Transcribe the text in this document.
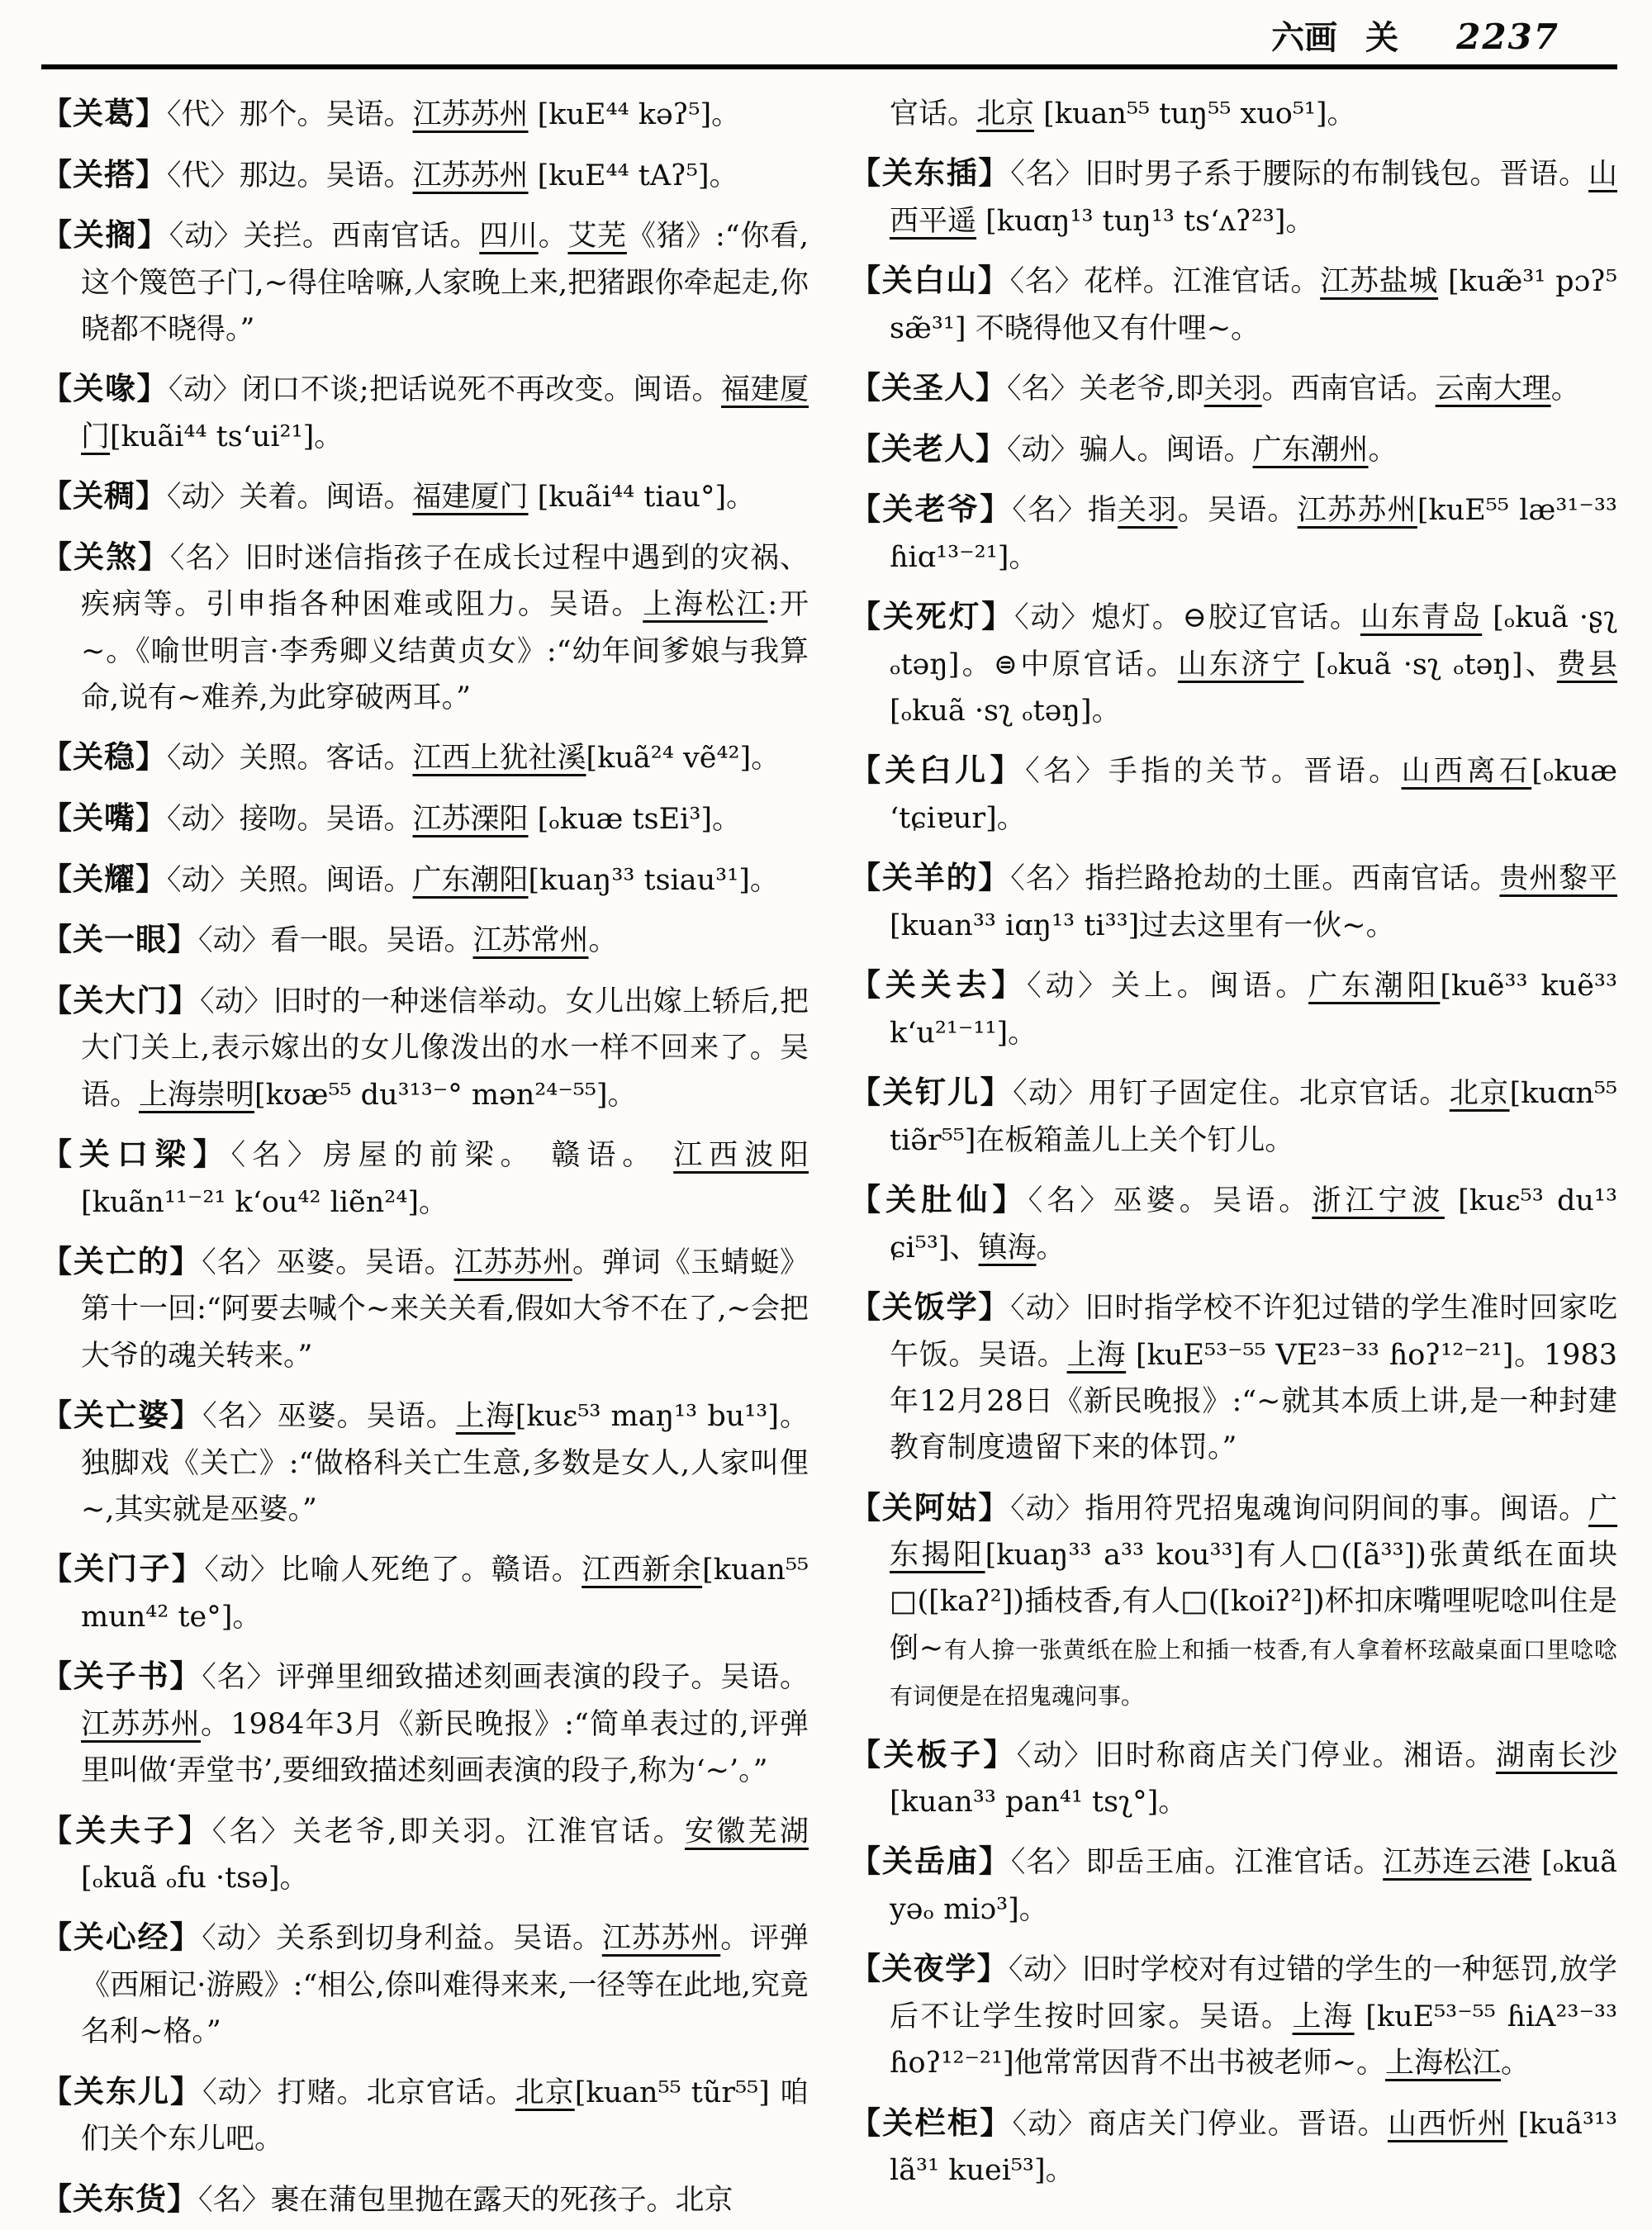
六画 关 2237

【关葛】〈代〉那个。吴语。江苏苏州 [kuE⁴⁴ kəʔ⁵]。

【关搭】〈代〉那边。吴语。江苏苏州 [kuE⁴⁴ tAʔ⁵]。

【关搁】〈动〉关拦。西南官话。四川。艾芜《猪》:“你看,这个篾笆子门,~得住啥嘛,人家晚上来,把猪跟你牵起走,你晓都不晓得。”

【关喙】〈动〉闭口不谈;把话说死不再改变。闽语。福建厦门[kuãi⁴⁴ ts‘ui²¹]。

【关稠】〈动〉关着。闽语。福建厦门 [kuãi⁴⁴ tiau°]。

【关煞】〈名〉旧时迷信指孩子在成长过程中遇到的灾祸、疾病等。引申指各种困难或阻力。吴语。上海松江:开~。《喻世明言·李秀卿义结黄贞女》:“幼年间爹娘与我算命,说有~难养,为此穿破两耳。”

【关稳】〈动〉关照。客话。江西上犹社溪[kuã²⁴ vẽ⁴²]。

【关嘴】〈动〉接吻。吴语。江苏溧阳 [ₒkuæ tsEi³]。

【关耀】〈动〉关照。闽语。广东潮阳[kuaŋ³³ tsiau³¹]。

【关一眼】〈动〉看一眼。吴语。江苏常州。

【关大门】〈动〉旧时的一种迷信举动。女儿出嫁上轿后,把大门关上,表示嫁出的女儿像泼出的水一样不回来了。吴语。上海崇明[kʊæ⁵⁵ du³¹³⁻° mən²⁴⁻⁵⁵]。

【关口梁】〈名〉房屋的前梁。 赣语。 江西波阳 [kuãn¹¹⁻²¹ k‘ou⁴² liẽn²⁴]。

【关亡的】〈名〉巫婆。吴语。江苏苏州。弹词《玉蜻蜓》第十一回:“阿要去喊个~来关关看,假如大爷不在了,~会把大爷的魂关转来。”

【关亡婆】〈名〉巫婆。吴语。上海[kuɛ⁵³ maŋ¹³ bu¹³]。独脚戏《关亡》:“做格科关亡生意,多数是女人,人家叫俚~,其实就是巫婆。”

【关门子】〈动〉比喻人死绝了。赣语。江西新余[kuan⁵⁵ mun⁴² te°]。

【关子书】〈名〉评弹里细致描述刻画表演的段子。吴语。江苏苏州。1984年3月《新民晚报》:“简单表过的,评弹里叫做‘弄堂书’,要细致描述刻画表演的段子,称为‘~’。”

【关夫子】〈名〉关老爷,即关羽。江淮官话。安徽芜湖[ₒkuã ₒfu ·tsə]。

【关心经】〈动〉关系到切身利益。吴语。江苏苏州。评弹《西厢记·游殿》:“相公,倷叫难得来来,一径等在此地,究竟名利~格。”

【关东儿】〈动〉打赌。北京官话。北京[kuan⁵⁵ tũr⁵⁵] 咱们关个东儿吧。

【关东货】〈名〉裹在蒲包里抛在露天的死孩子。北京

官话。北京 [kuan⁵⁵ tuŋ⁵⁵ xuo⁵¹]。

【关东插】〈名〉旧时男子系于腰际的布制钱包。晋语。山西平遥 [kuɑŋ¹³ tuŋ¹³ ts‘ʌʔ²³]。

【关白山】〈名〉花样。江淮官话。江苏盐城 [kuæ̃³¹ pɔʔ⁵ sæ̃³¹] 不晓得他又有什哩~。

【关圣人】〈名〉关老爷,即关羽。西南官话。云南大理。

【关老人】〈动〉骗人。闽语。广东潮州。

【关老爷】〈名〉指关羽。吴语。江苏苏州[kuE⁵⁵ læ³¹⁻³³ ɦiɑ¹³⁻²¹]。

【关死灯】〈动〉熄灯。⊖胶辽官话。山东青岛 [ₒkuã ·ʂʅ ₒtəŋ]。⊜中原官话。山东济宁 [ₒkuã ·sʅ ₒtəŋ]、费县[ₒkuã ·sʅ ₒtəŋ]。

【关臼儿】〈名〉手指的关节。晋语。山西离石[ₒkuæ ʻtɕiɐur]。

【关羊的】〈名〉指拦路抢劫的土匪。西南官话。贵州黎平[kuan³³ iɑŋ¹³ ti³³]过去这里有一伙~。

【关关去】〈动〉关上。闽语。广东潮阳[kuẽ³³ kuẽ³³ k‘u²¹⁻¹¹]。

【关钉儿】〈动〉用钉子固定住。北京官话。北京[kuɑn⁵⁵ tiə̃r⁵⁵]在板箱盖儿上关个钉儿。

【关肚仙】〈名〉巫婆。吴语。浙江宁波 [kuɛ⁵³ du¹³ ɕi⁵³]、镇海。

【关饭学】〈动〉旧时指学校不许犯过错的学生准时回家吃午饭。吴语。上海 [kuE⁵³⁻⁵⁵ VE²³⁻³³ ɦoʔ¹²⁻²¹]。1983年12月28日《新民晚报》:“~就其本质上讲,是一种封建教育制度遗留下来的体罚。”

【关阿姑】〈动〉指用符咒招鬼魂询问阴间的事。闽语。广东揭阳[kuaŋ³³ a³³ kou³³]有人□([ã³³])张黄纸在面块□([kaʔ²])插枝香,有人□([koiʔ²])杯扣床嘴哩呢唸叫住是倒~有人揜一张黄纸在脸上和插一枝香,有人拿着杯玹敲桌面口里唸唸有词便是在招鬼魂问事。

【关板子】〈动〉旧时称商店关门停业。湘语。湖南长沙[kuan³³ pan⁴¹ tsʅ°]。

【关岳庙】〈名〉即岳王庙。江淮官话。江苏连云港 [ₒkuã yəₒ miɔ³]。

【关夜学】〈动〉旧时学校对有过错的学生的一种惩罚,放学后不让学生按时回家。吴语。上海 [kuE⁵³⁻⁵⁵ ɦiA²³⁻³³ ɦoʔ¹²⁻²¹]他常常因背不出书被老师~。上海松江。

【关栏柜】〈动〉商店关门停业。晋语。山西忻州 [kuã³¹³ lã³¹ kuei⁵³]。
